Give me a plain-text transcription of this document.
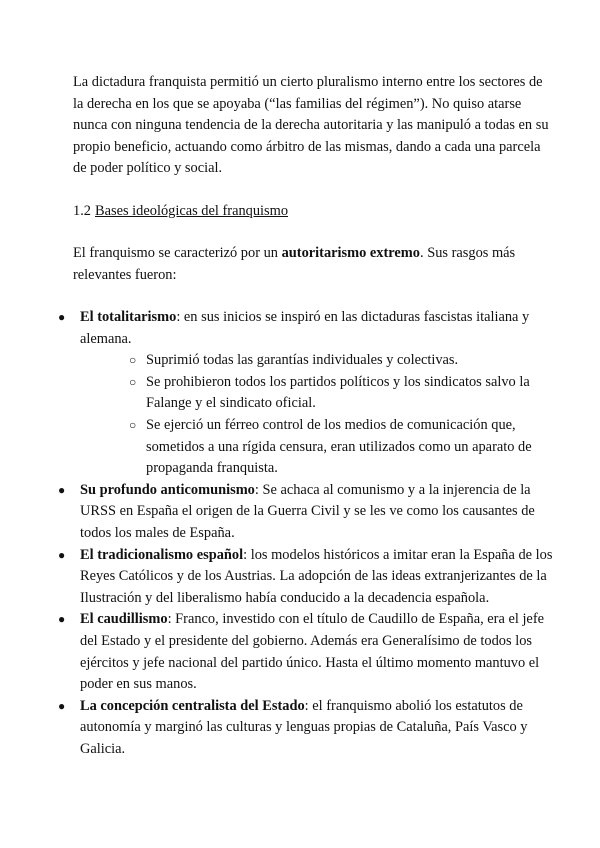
La dictadura franquista permitió un cierto pluralismo interno entre los sectores de la derecha en los que se apoyaba (“las familias del régimen”). No quiso atarse nunca con ninguna tendencia de la derecha autoritaria y las manipuló a todas en su propio beneficio, actuando como árbitro de las mismas, dando a cada una parcela de poder político y social.

1.2 Bases ideológicas del franquismo

El franquismo se caracterizó por un autoritarismo extremo. Sus rasgos más relevantes fueron:

● El totalitarismo: en sus inicios se inspiró en las dictaduras fascistas italiana y alemana.
○ Suprimió todas las garantías individuales y colectivas.
○ Se prohibieron todos los partidos políticos y los sindicatos salvo la Falange y el sindicato oficial.
○ Se ejerció un férreo control de los medios de comunicación que, sometidos a una rígida censura, eran utilizados como un aparato de propaganda franquista.
● Su profundo anticomunismo: Se achaca al comunismo y a la injerencia de la URSS en España el origen de la Guerra Civil y se les ve como los causantes de todos los males de España.
● El tradicionalismo español: los modelos históricos a imitar eran la España de los Reyes Católicos y de los Austrias. La adopción de las ideas extranjerizantes de la Ilustración y del liberalismo había conducido a la decadencia española.
● El caudillismo: Franco, investido con el título de Caudillo de España, era el jefe del Estado y el presidente del gobierno. Además era Generalísimo de todos los ejércitos y jefe nacional del partido único. Hasta el último momento mantuvo el poder en sus manos.
● La concepción centralista del Estado: el franquismo abolió los estatutos de autonomía y marginó las culturas y lenguas propias de Cataluña, País Vasco y Galicia.
